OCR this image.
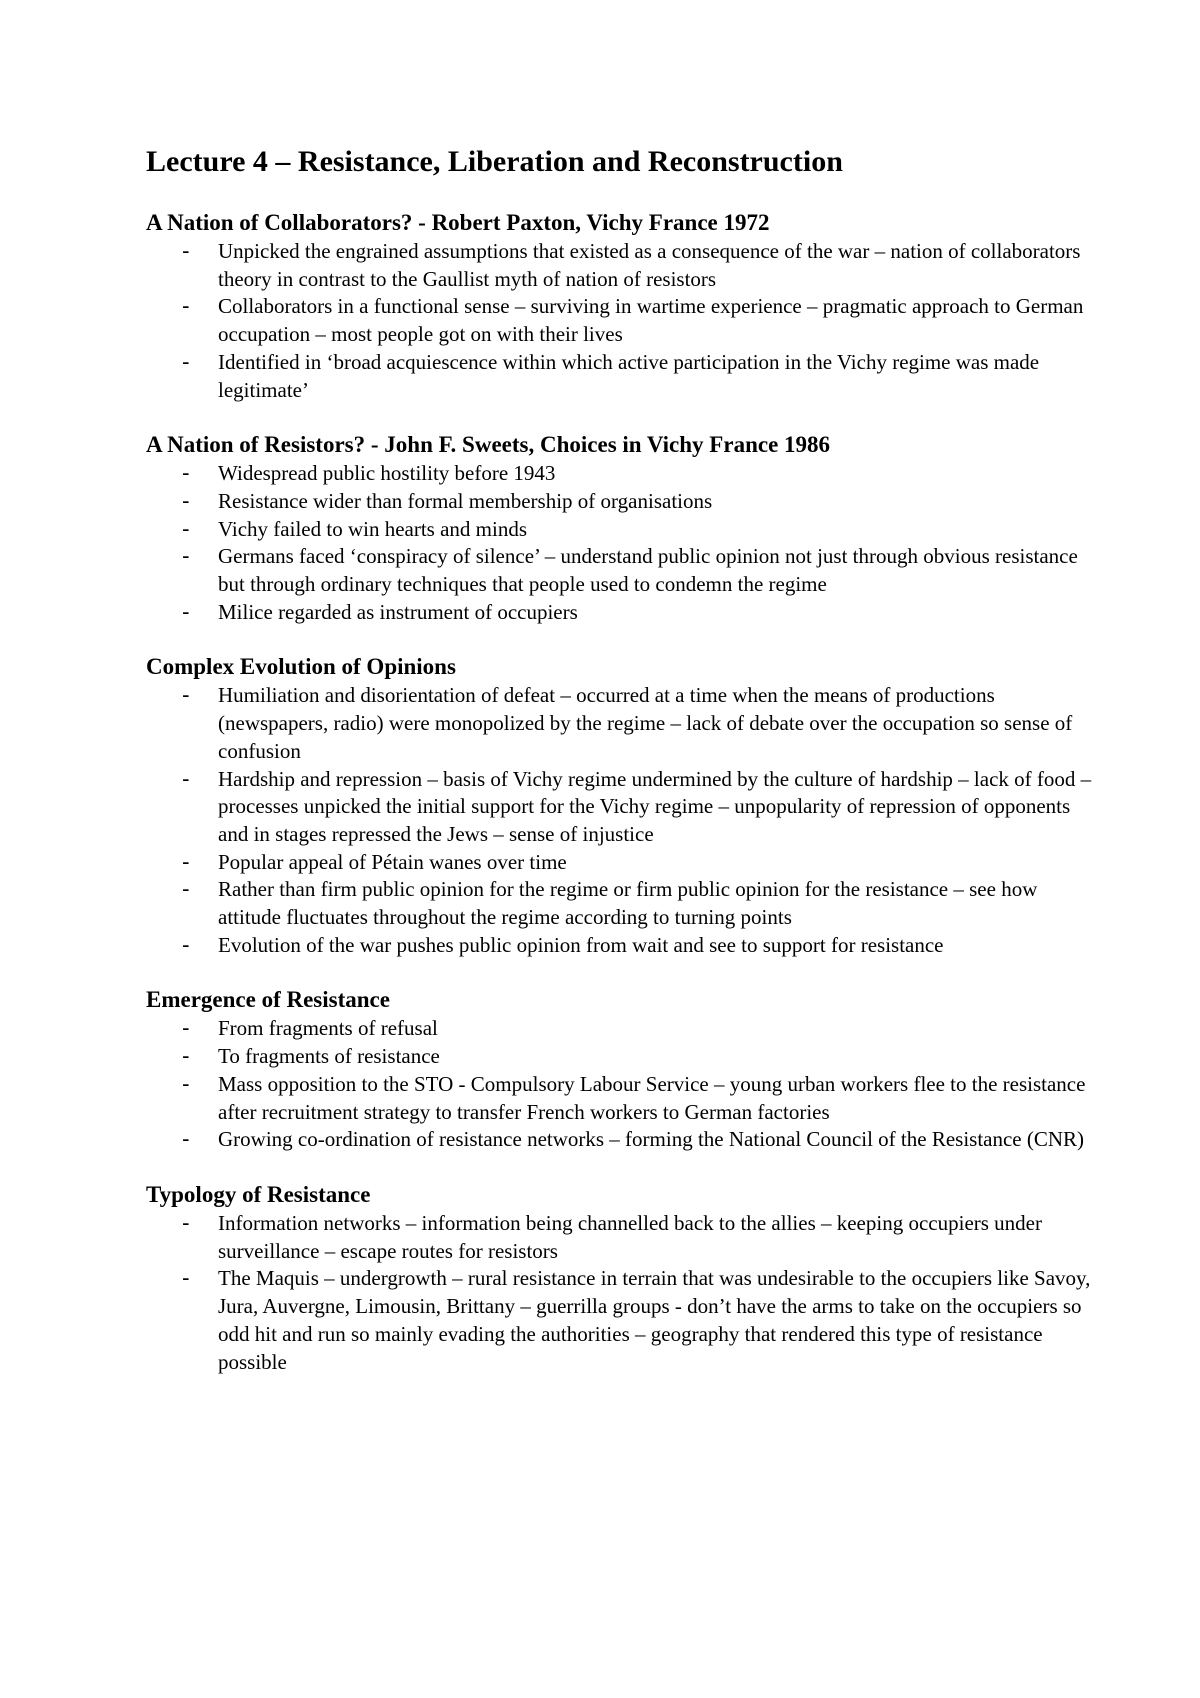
Lecture 4 – Resistance, Liberation and Reconstruction
A Nation of Collaborators? - Robert Paxton, Vichy France 1972
- Unpicked the engrained assumptions that existed as a consequence of the war – nation of collaborators theory in contrast to the Gaullist myth of nation of resistors
- Collaborators in a functional sense – surviving in wartime experience – pragmatic approach to German occupation – most people got on with their lives
- Identified in ‘broad acquiescence within which active participation in the Vichy regime was made legitimate’
A Nation of Resistors? - John F. Sweets, Choices in Vichy France 1986
- Widespread public hostility before 1943
- Resistance wider than formal membership of organisations
- Vichy failed to win hearts and minds
- Germans faced ‘conspiracy of silence’ – understand public opinion not just through obvious resistance but through ordinary techniques that people used to condemn the regime
- Milice regarded as instrument of occupiers
Complex Evolution of Opinions
- Humiliation and disorientation of defeat – occurred at a time when the means of productions (newspapers, radio) were monopolized by the regime – lack of debate over the occupation so sense of confusion
- Hardship and repression – basis of Vichy regime undermined by the culture of hardship – lack of food – processes unpicked the initial support for the Vichy regime – unpopularity of repression of opponents and in stages repressed the Jews – sense of injustice
- Popular appeal of Pétain wanes over time
- Rather than firm public opinion for the regime or firm public opinion for the resistance – see how attitude fluctuates throughout the regime according to turning points
- Evolution of the war pushes public opinion from wait and see to support for resistance
Emergence of Resistance
- From fragments of refusal
- To fragments of resistance
- Mass opposition to the STO - Compulsory Labour Service – young urban workers flee to the resistance after recruitment strategy to transfer French workers to German factories
- Growing co-ordination of resistance networks – forming the National Council of the Resistance (CNR)
Typology of Resistance
- Information networks – information being channelled back to the allies – keeping occupiers under surveillance – escape routes for resistors
- The Maquis – undergrowth – rural resistance in terrain that was undesirable to the occupiers like Savoy, Jura, Auvergne, Limousin, Brittany – guerrilla groups - don’t have the arms to take on the occupiers so odd hit and run so mainly evading the authorities – geography that rendered this type of resistance possible
